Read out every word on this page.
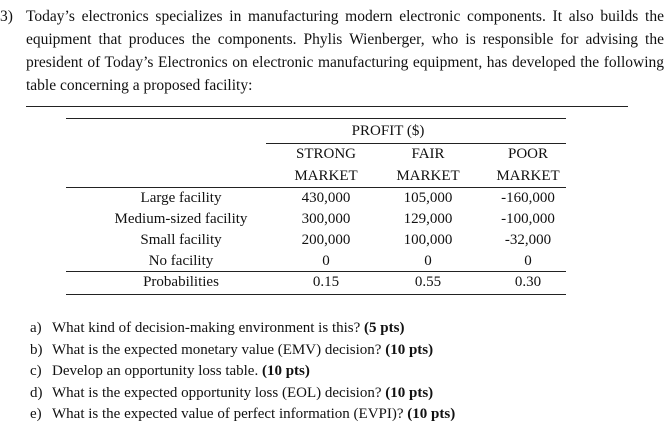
3) Today’s electronics specializes in manufacturing modern electronic components. It also builds the equipment that produces the components. Phylis Wienberger, who is responsible for advising the president of Today’s Electronics on electronic manufacturing equipment, has developed the following table concerning a proposed facility:
PROFIT ($)
STRONG	FAIR	POOR
MARKET	MARKET	MARKET
Large facility	430,000	105,000	-160,000
Medium-sized facility	300,000	129,000	-100,000
Small facility	200,000	100,000	-32,000
No facility	0	0	0
Probabilities	0.15	0.55	0.30
a) What kind of decision-making environment is this? (5 pts)
b) What is the expected monetary value (EMV) decision? (10 pts)
c) Develop an opportunity loss table. (10 pts)
d) What is the expected opportunity loss (EOL) decision? (10 pts)
e) What is the expected value of perfect information (EVPI)? (10 pts)
